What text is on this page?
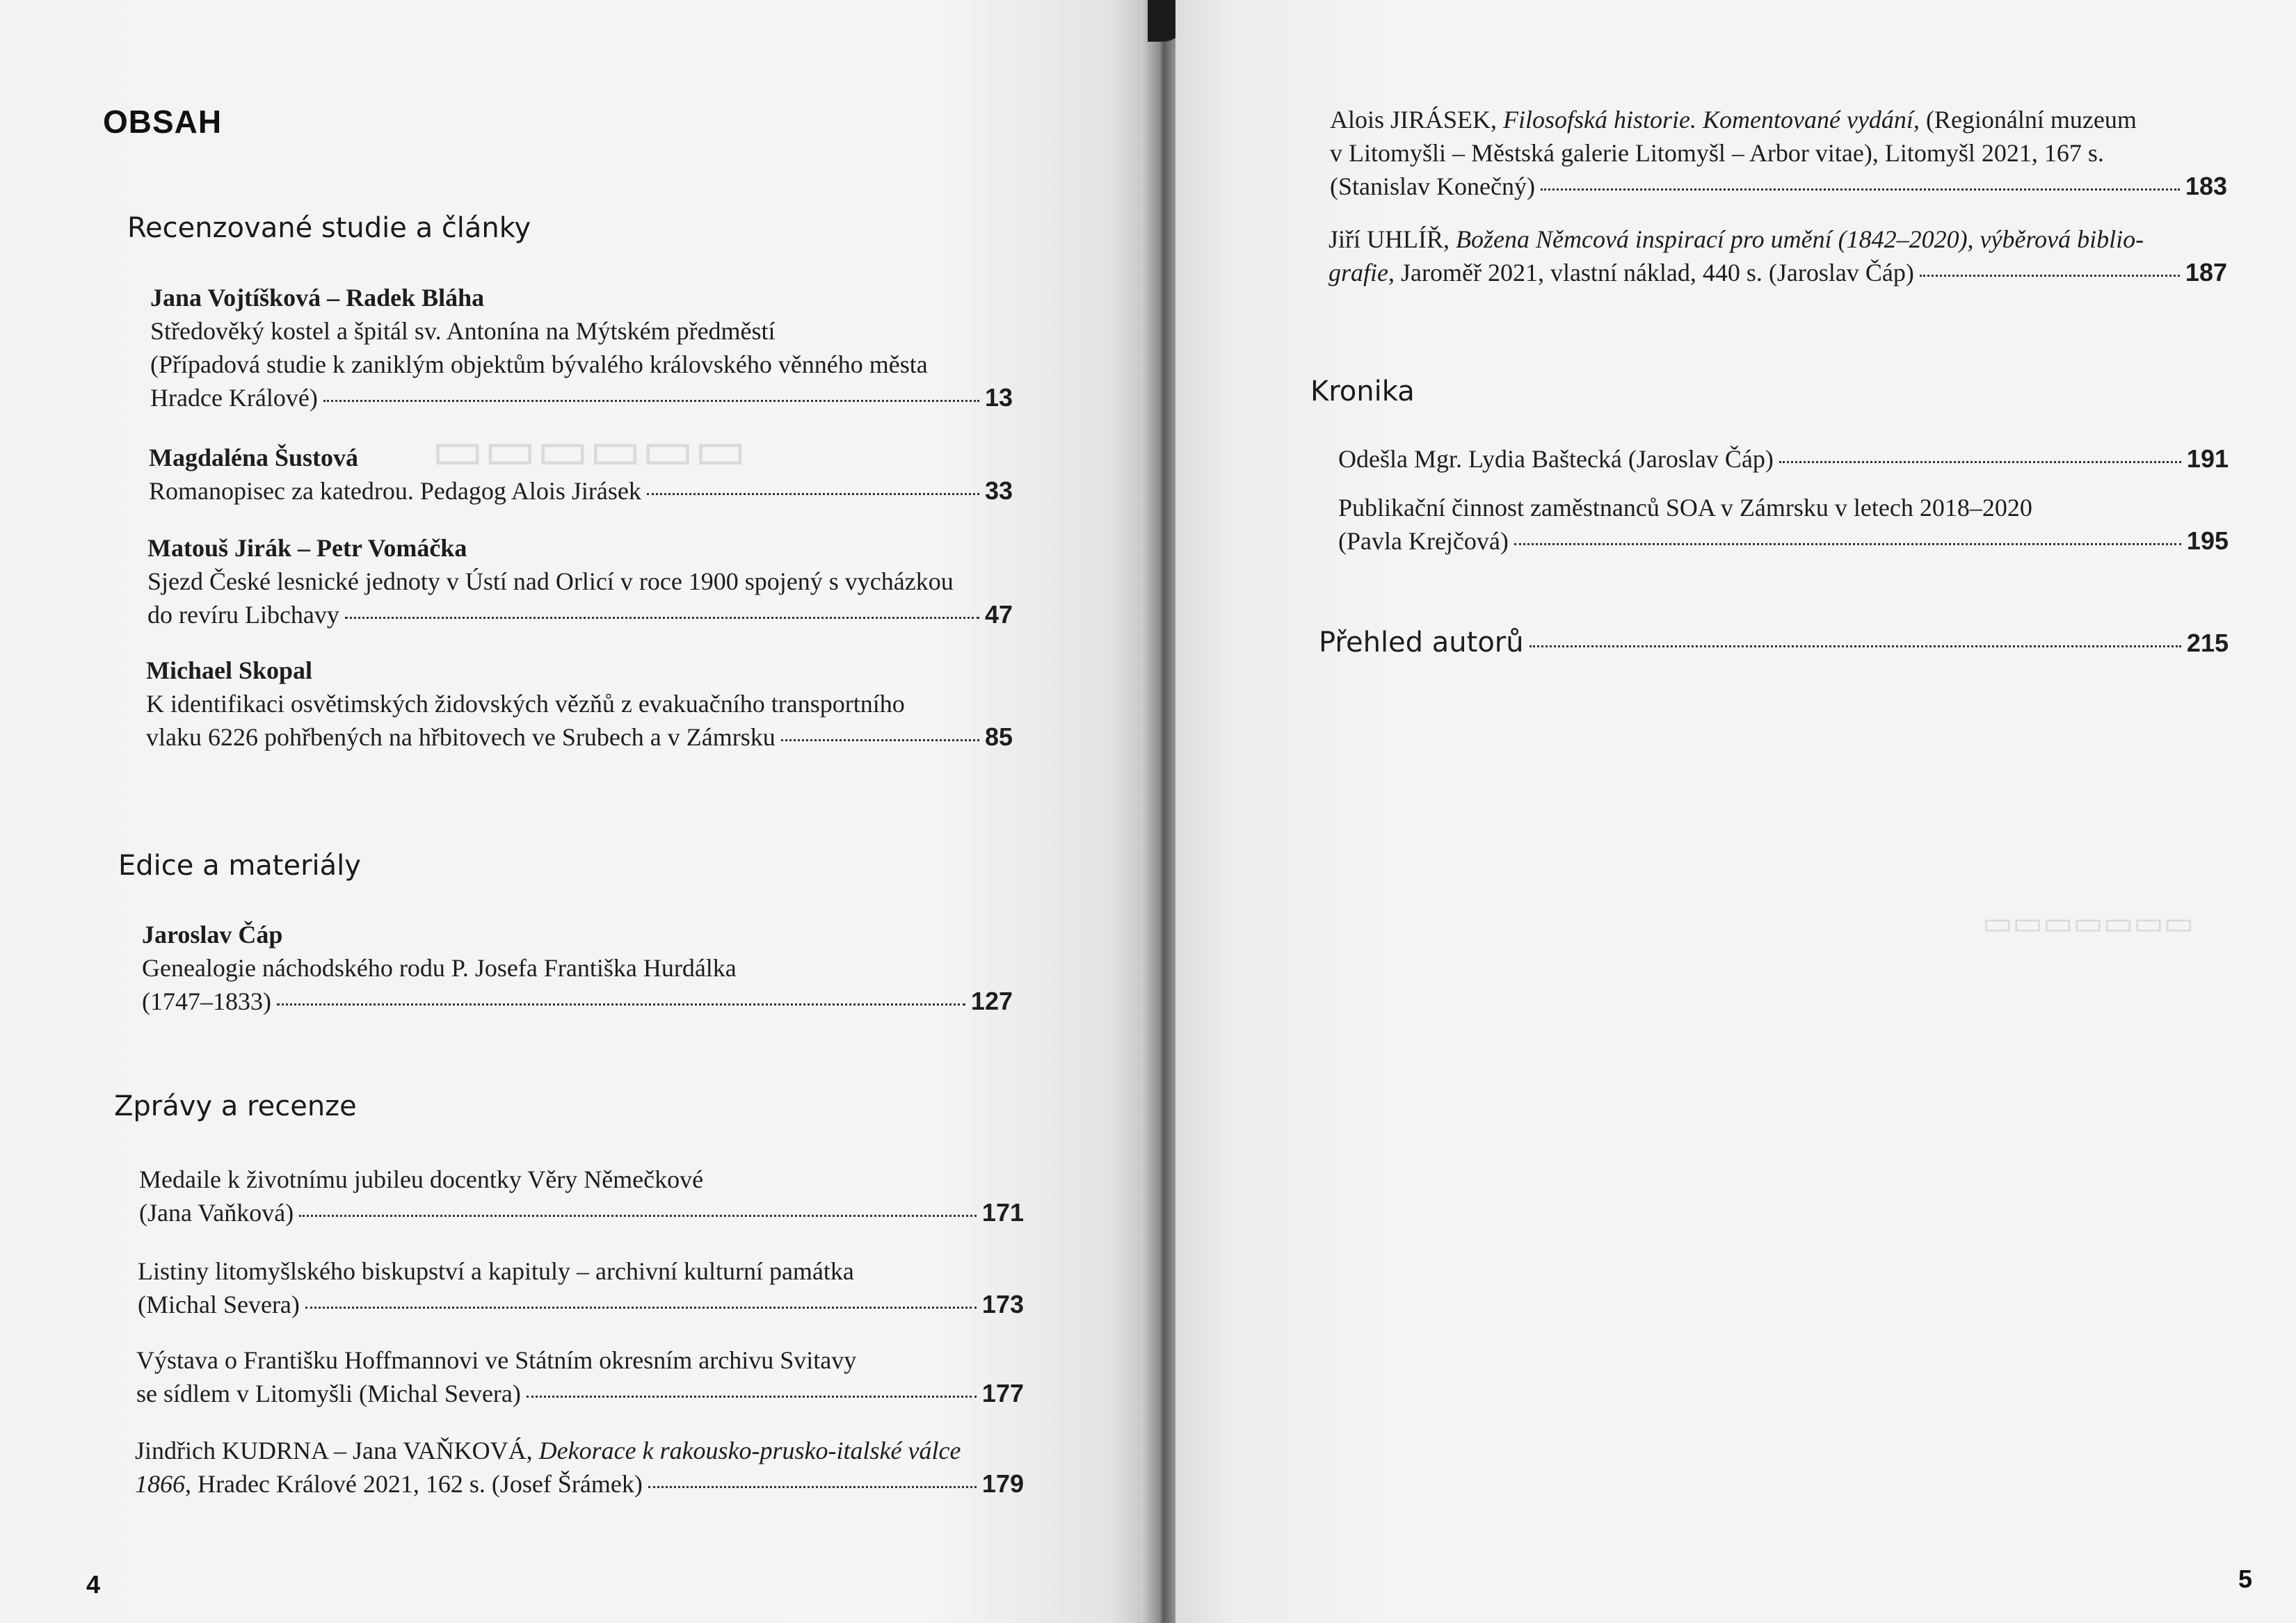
▭▭▭▭▭▭
OBSAH
Recenzované studie a články
Jana Vojtíšková – Radek Bláha
Středověký kostel a špitál sv. Antonína na Mýtském předměstí
(Případová studie k zaniklým objektům bývalého královského věnného města
Hradce Králové)	13
Magdaléna Šustová
Romanopisec za katedrou. Pedagog Alois Jirásek	33
Matouš Jirák – Petr Vomáčka
Sjezd České lesnické jednoty v Ústí nad Orlicí v roce 1900 spojený s vycházkou
do revíru Libchavy	47
Michael Skopal
K identifikaci osvětimských židovských vězňů z evakuačního transportního
vlaku 6226 pohřbených na hřbitovech ve Srubech a v Zámrsku	85
Edice a materiály
Jaroslav Čáp
Genealogie náchodského rodu P. Josefa Františka Hurdálka
(1747–1833)	127
Zprávy a recenze
Medaile k životnímu jubileu docentky Věry Němečkové
(Jana Vaňková)	171
Listiny litomyšlského biskupství a kapituly – archivní kulturní památka
(Michal Severa)	173
Výstava o Františku Hoffmannovi ve Státním okresním archivu Svitavy
se sídlem v Litomyšli (Michal Severa)	177
Jindřich KUDRNA – Jana VAŇKOVÁ, Dekorace k rakousko-prusko-italské válce
1866, Hradec Králové 2021, 162 s. (Josef Šrámek)	179
4
▭▭▭▭▭▭▭
Alois JIRÁSEK, Filosofská historie. Komentované vydání, (Regionální muzeum
v Litomyšli – Městská galerie Litomyšl – Arbor vitae), Litomyšl 2021, 167 s.
(Stanislav Konečný)	183
Jiří UHLÍŘ, Božena Němcová inspirací pro umění (1842–2020), výběrová biblio-
grafie, Jaroměř 2021, vlastní náklad, 440 s. (Jaroslav Čáp)	187
Kronika
Odešla Mgr. Lydia Baštecká (Jaroslav Čáp)	191
Publikační činnost zaměstnanců SOA v Zámrsku v letech 2018–2020
(Pavla Krejčová)	195
Přehled autorů	215
5
